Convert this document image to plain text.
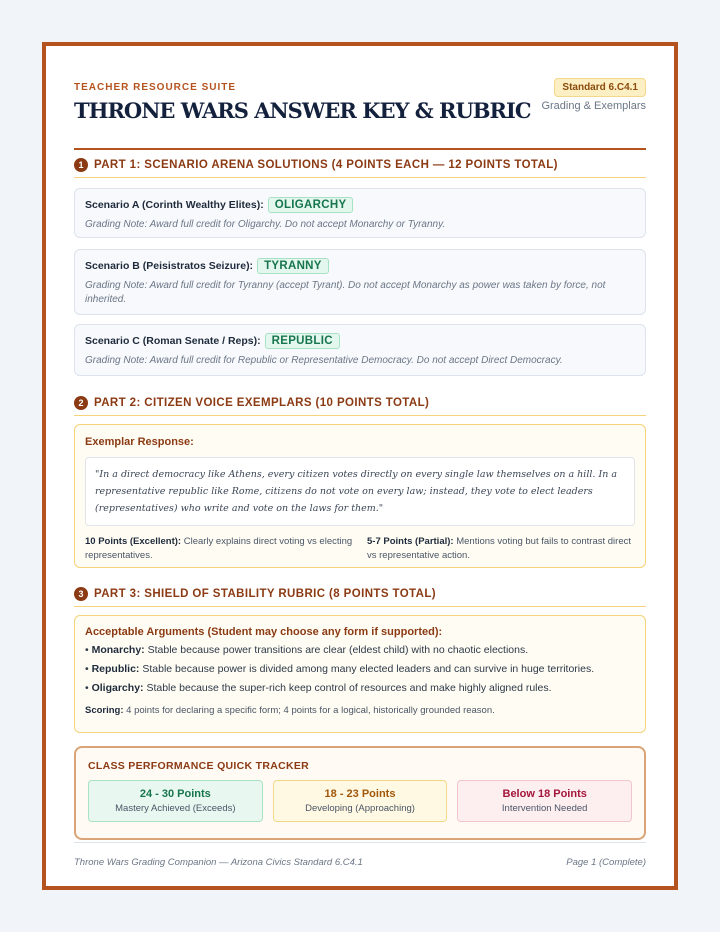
TEACHER RESOURCE SUITE
THRONE WARS ANSWER KEY & RUBRIC
Standard 6.C4.1
Grading & Exemplars
1 PART 1: SCENARIO ARENA SOLUTIONS (4 POINTS EACH — 12 POINTS TOTAL)
Scenario A (Corinth Wealthy Elites): OLIGARCHY
Grading Note: Award full credit for Oligarchy. Do not accept Monarchy or Tyranny.
Scenario B (Peisistratos Seizure): TYRANNY
Grading Note: Award full credit for Tyranny (accept Tyrant). Do not accept Monarchy as power was taken by force, not inherited.
Scenario C (Roman Senate / Reps): REPUBLIC
Grading Note: Award full credit for Republic or Representative Democracy. Do not accept Direct Democracy.
2 PART 2: CITIZEN VOICE EXEMPLARS (10 POINTS TOTAL)
Exemplar Response:
"In a direct democracy like Athens, every citizen votes directly on every single law themselves on a hill. In a representative republic like Rome, citizens do not vote on every law; instead, they vote to elect leaders (representatives) who write and vote on the laws for them."
10 Points (Excellent): Clearly explains direct voting vs electing representatives.
5-7 Points (Partial): Mentions voting but fails to contrast direct vs representative action.
3 PART 3: SHIELD OF STABILITY RUBRIC (8 POINTS TOTAL)
Acceptable Arguments (Student may choose any form if supported):
• Monarchy: Stable because power transitions are clear (eldest child) with no chaotic elections.
• Republic: Stable because power is divided among many elected leaders and can survive in huge territories.
• Oligarchy: Stable because the super-rich keep control of resources and make highly aligned rules.
Scoring: 4 points for declaring a specific form; 4 points for a logical, historically grounded reason.
CLASS PERFORMANCE QUICK TRACKER
24 - 30 Points
Mastery Achieved (Exceeds)
18 - 23 Points
Developing (Approaching)
Below 18 Points
Intervention Needed
Throne Wars Grading Companion — Arizona Civics Standard 6.C4.1	Page 1 (Complete)
